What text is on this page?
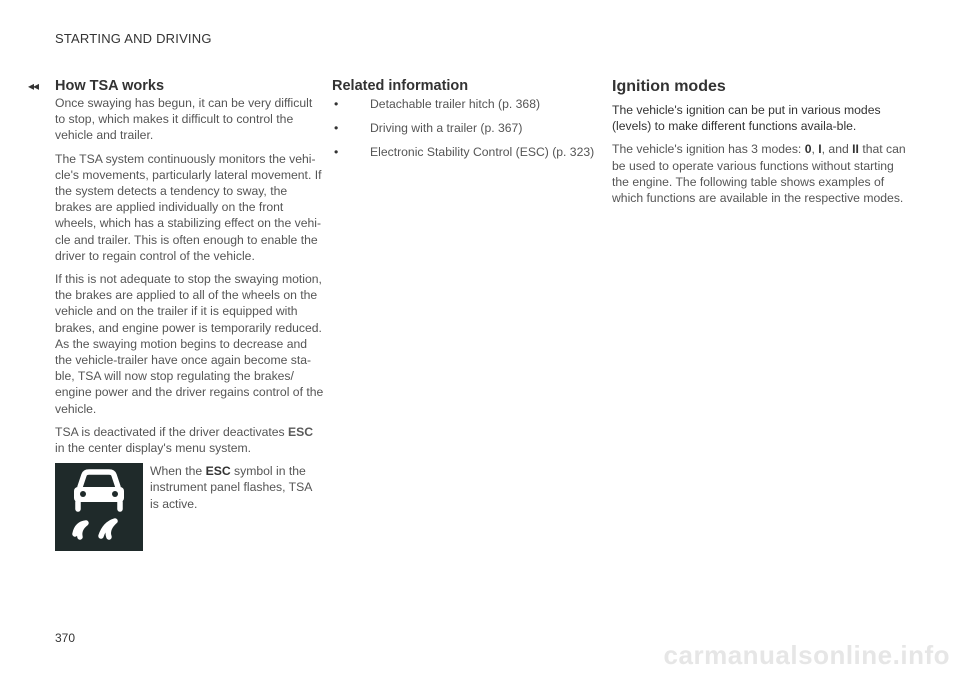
STARTING AND DRIVING
◂◂ How TSA works

Once swaying has begun, it can be very difficult to stop, which makes it difficult to control the vehicle and trailer.

The TSA system continuously monitors the vehi-cle's movements, particularly lateral movement. If the system detects a tendency to sway, the brakes are applied individually on the front wheels, which has a stabilizing effect on the vehi-cle and trailer. This is often enough to enable the driver to regain control of the vehicle.

If this is not adequate to stop the swaying motion, the brakes are applied to all of the wheels on the vehicle and on the trailer if it is equipped with brakes, and engine power is temporarily reduced. As the swaying motion begins to decrease and the vehicle-trailer have once again become sta-ble, TSA will now stop regulating the brakes/ engine power and the driver regains control of the vehicle.

TSA is deactivated if the driver deactivates ESC in the center display's menu system.

When the ESC symbol in the instrument panel flashes, TSA is active.
Related information
• Detachable trailer hitch (p. 368)
• Driving with a trailer (p. 367)
• Electronic Stability Control (ESC) (p. 323)
Ignition modes

The vehicle's ignition can be put in various modes (levels) to make different functions availa-ble.

The vehicle's ignition has 3 modes: 0, I, and II that can be used to operate various functions without starting the engine. The following table shows examples of which functions are available in the respective modes.

370
carmanualsonline.info
